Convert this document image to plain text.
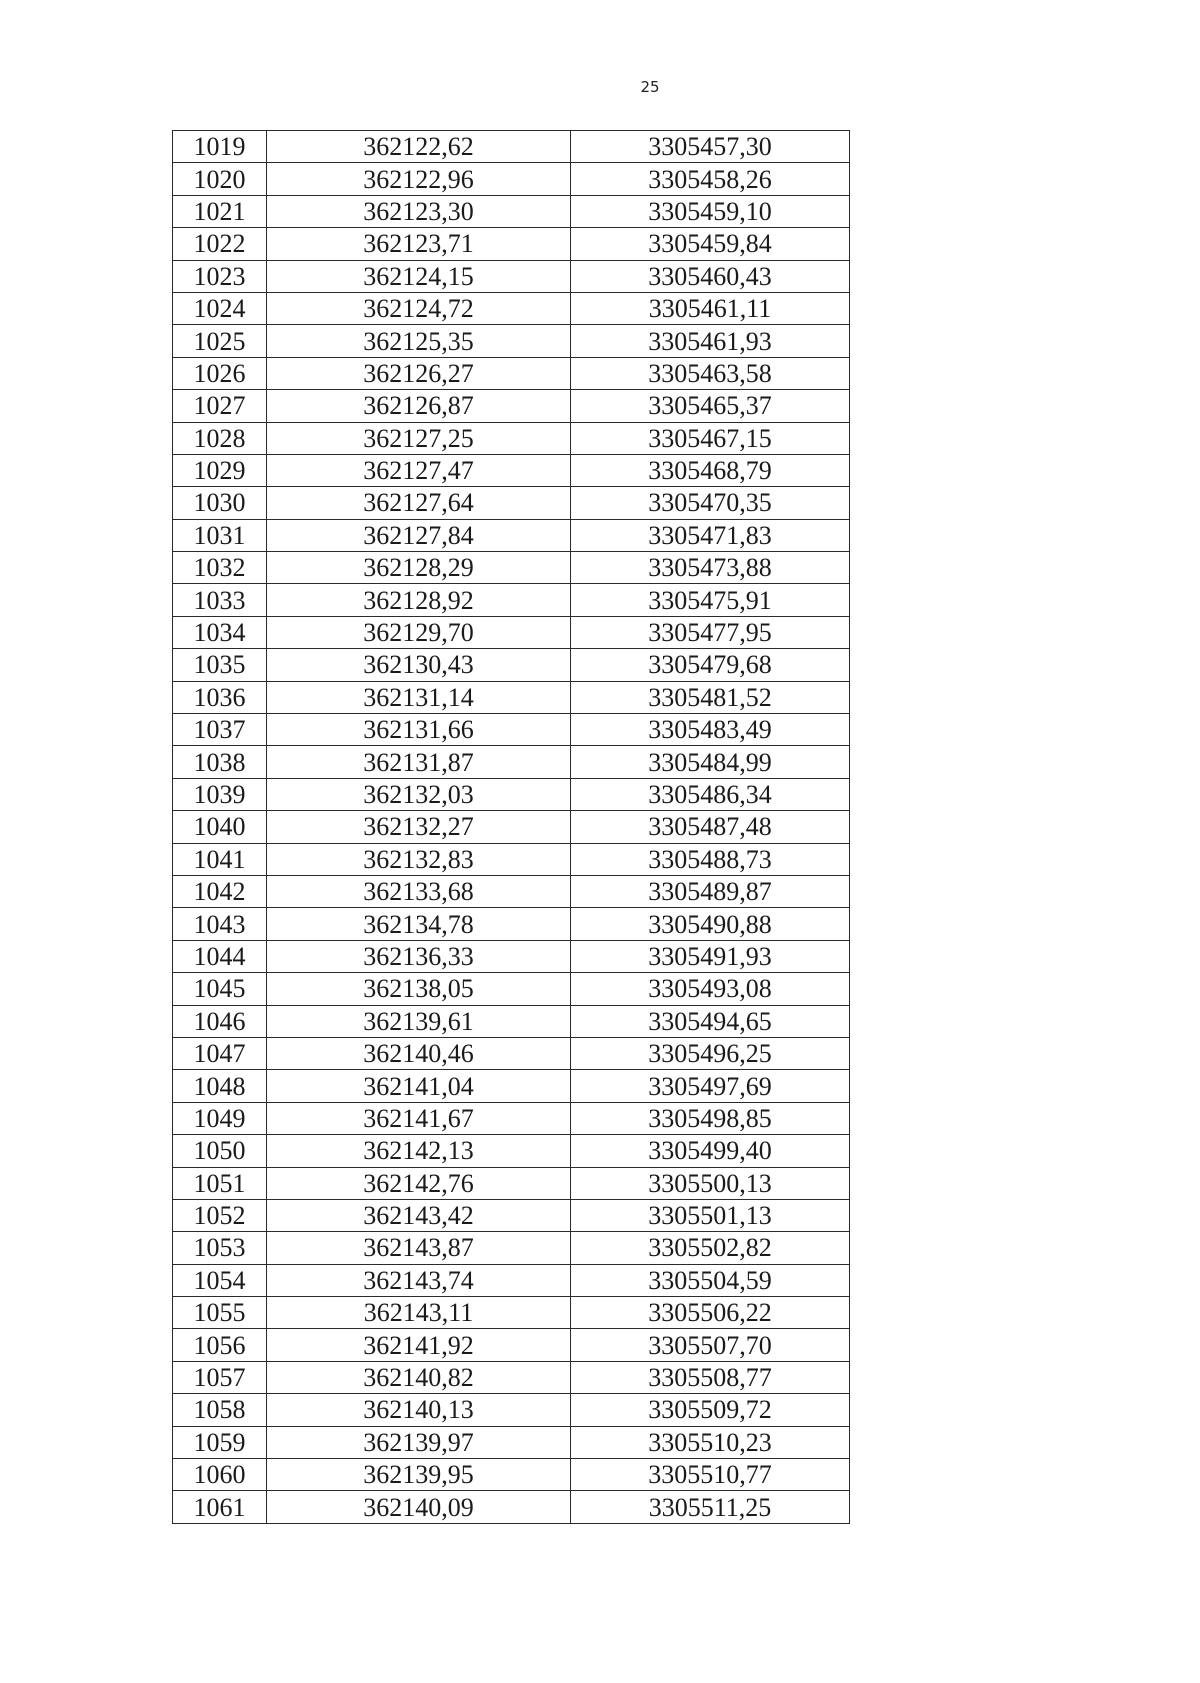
25
1019	362122,62	3305457,30
1020	362122,96	3305458,26
1021	362123,30	3305459,10
1022	362123,71	3305459,84
1023	362124,15	3305460,43
1024	362124,72	3305461,11
1025	362125,35	3305461,93
1026	362126,27	3305463,58
1027	362126,87	3305465,37
1028	362127,25	3305467,15
1029	362127,47	3305468,79
1030	362127,64	3305470,35
1031	362127,84	3305471,83
1032	362128,29	3305473,88
1033	362128,92	3305475,91
1034	362129,70	3305477,95
1035	362130,43	3305479,68
1036	362131,14	3305481,52
1037	362131,66	3305483,49
1038	362131,87	3305484,99
1039	362132,03	3305486,34
1040	362132,27	3305487,48
1041	362132,83	3305488,73
1042	362133,68	3305489,87
1043	362134,78	3305490,88
1044	362136,33	3305491,93
1045	362138,05	3305493,08
1046	362139,61	3305494,65
1047	362140,46	3305496,25
1048	362141,04	3305497,69
1049	362141,67	3305498,85
1050	362142,13	3305499,40
1051	362142,76	3305500,13
1052	362143,42	3305501,13
1053	362143,87	3305502,82
1054	362143,74	3305504,59
1055	362143,11	3305506,22
1056	362141,92	3305507,70
1057	362140,82	3305508,77
1058	362140,13	3305509,72
1059	362139,97	3305510,23
1060	362139,95	3305510,77
1061	362140,09	3305511,25
